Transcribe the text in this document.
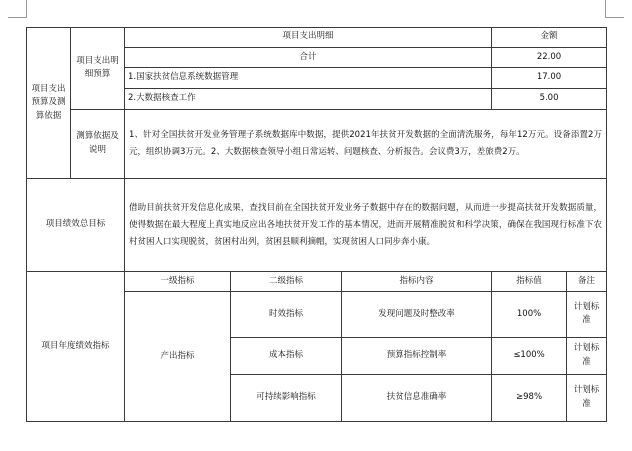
项目支出预算及测算依据	项目支出明细预算	项目支出明细			金额	
		合计			22.00	
		1.国家扶贫信息系统数据管理			17.00	
		2.大数据核查工作			5.00	

	测算依据及说明	1、针对全国扶贫开发业务管理子系统数据库中数据，提供2021年扶贫开发数据的全面清洗服务，每年12万元。设备添置2万元，组织协调3万元。2、大数据核查领导小组日常运转、问题核查、分析报告。会议费3万，差旅费2万。				
项目绩效总目标		借助目前扶贫开发信息化成果，查找目前在全国扶贫开发业务子数据中存在的数据问题，从而进一步提高扶贫开发数据质量，使得数据在最大程度上真实地反应出各地扶贫开发工作的基本情况，进而开展精准脱贫和科学决策，确保在我国现行标准下农村贫困人口实现脱贫，贫困村出列，贫困县顺利摘帽，实现贫困人口同步奔小康。				

项目年度绩效指标		一级指标	二级指标	指标内容	指标值	备注
		产出指标	时效指标	发现问题及时整改率	100%	计划标准
			成本指标	预算指标控制率	≤100%	计划标准
			可持续影响指标	扶贫信息准确率	≥98%	计划标准
